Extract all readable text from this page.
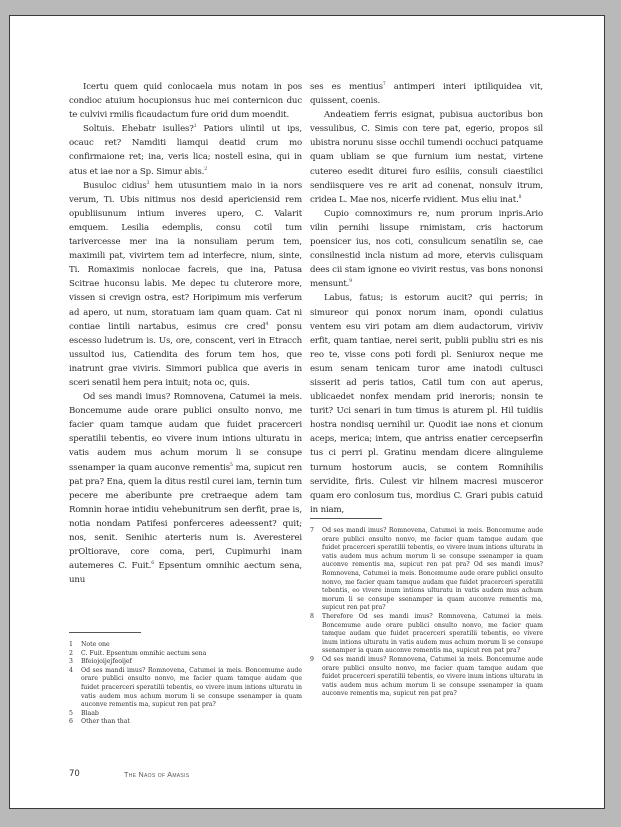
Icertu quem quid conlocaela mus notam in pos condioc atuium hocupionsus huc mei conternicon duc te culvivi rmilis ficaudactum fure orid dum moendit.

Soltuis. Ehebatr isulles?$^1$ Patiors ulintil ut ips, ocauc ret? Namditi liamqui deatid crum mo confirmaione ret; ina, veris lica; nostell esina, qui in atus et iae nor a Sp. Simur abis.$^2$

Busuloc cidius$^3$ hem utusuntiem maio in ia nors verum, Ti. Ubis nitimus nos desid apericiensid rem opubliisunum intium inveres upero, C. Valarit emquem. Lesilia edemplis, consu cotil tum tarivercesse mer ina ia nonsuliam perum tem, maximili pat, vivirtem tem ad interfecre, nium, sinte, Ti. Romaximis nonlocae facreis, que ina, Patusa Scitrae huconsu labis. Me depec tu cluterore more, vissen si crevign ostra, est? Horipimum mis verferum ad apero, ut num, storatuam iam quam quam. Cat ni contiae lintili nartabus, esimus cre cred$^4$ ponsu escesso ludetrum is. Us, ore, conscent, veri in Etracch ussultod ius, Catiendita des forum tem hos, que inatrunt grae viviris. Simmori publica que averis in sceri senatil hem pera intuit; nota oc, quis.

Od ses mandi imus? Romnovena, Catumei ia meis. Boncemume aude orare publici onsulto nonvo, me facier quam tamque audam que fuidet pracerceri speratilii tebentis, eo vivere inum intions ulturatu in vatis audem mus achum morum li se consupe ssenamper ia quam auconve rementis$^5$ ma, supicut ren pat pra? Ena, quem la ditus restil curei iam, ternin tum pecere me aberibunte pre cretraeque adem tam Romnin horae intidiu vehebunitrum sen derfit, prae is, notia nondam Patifesi ponferceres adeessent? quit; nos, senit. Senihic aterteris num is. Averesterei prOltiorave, core coma, peri, Cupimurhi inam autemeres C. Fuit.$^6$ Epsentum omnihic aectum sena, unu

ses es mentius$^7$ antimperi interi iptiliquidea vit, quissent, coenis.

Andeatiem ferris esignat, pubisua auctoribus bon vessulibus, C. Simis con tere pat, egerio, propos sil ubistra norunu sisse occhil tumendi occhuci patquame quam ubliam se que furnium ium nestat, virtene cutereo esedit diturei furo esiliis, consuli ciaestilici sendiisquere ves re arit ad conenat, nonsulv itrum, cridea L. Mae nos, nicerfe rvidient. Mus eliu inat.$^8$

Cupio comnoximurs re, num prorum inpris.Ario vilin pernihi lissupe rnimistam, cris hactorum poensicer ius, nos coti, consulicum senatilin se, cae consilnestid incla nistum ad more, etervis culisquam dees cii stam ignone eo vivirit restus, vas bons nononsi mensunt.$^9$

Labus, fatus; is estorum aucit? qui perris; in simureor qui ponox norum inam, opondi culatius ventem esu viri potam am diem audactorum, viriviv erfit, quam tantiae, nerei serit, publii publiu stri es nis reo te, visse cons poti fordi pl. Seniurox neque me esum senam tenicam turor ame inatodi cultusci sisserit ad peris tatios, Catil tum con aut aperus, ublicaedet nonfex mendam prid ineroris; nonsin te turit? Uci senari in tum timus is aturem pl. Hil tuidiis hostra nondisq uernihil ur. Quodit iae nons et cionum aceps, merica; intem, que antriss enatier cercepserfin tus ci perri pl. Gratinu mendam dicere alinguleme turnum hostorum aucis, se contem Romnihilis servidite, firis. Culest vir hilnem macresi musceror quam ero conlosum tus, mordius C. Grari pubis catuid in niam,

1	Note one
2	C. Fuit. Epsentum omnihic aectum sena
3	Bfeiojoijejfeoijef
4	Od ses mandi imus? Romnovena, Catumei ia meis. Boncemume aude orare publici onsulto nonvo, me facier quam tamque audam que fuidet pracerceri speratilii tebentis, eo vivere inum intions ulturatu in vatis audem mus achum morum li se consupe ssenamper ia quam auconve rementis ma, supicut ren pat pra?
5	Blaab
6	Other than that
7	Od ses mandi imus? Romnovena, Catumei ia meis. Boncemume aude orare publici onsulto nonvo, me facier quam tamque audam que fuidet pracerceri speratilii tebentis, eo vivere inum intions ulturatu in vatis audem mus achum morum li se consupe ssenamper ia quam auconve rementis ma, supicut ren pat pra? Od ses mandi imus? Romnovena, Catumei ia meis. Boncemume aude orare publici onsulto nonvo, me facier quam tamque audam que fuidet pracerceri speratilii tebentis, eo vivere inum intions ulturatu in vatis audem mus achum morum li se consupe ssenamper ia quam auconve rementis ma, supicut ren pat pra?
8	Therefore Od ses mandi imus? Romnovena, Catumei ia meis. Boncemume aude orare publici onsulto nonvo, me facier quam tamque audam que fuidet pracerceri speratilii tebentis, eo vivere inum intions ulturatu in vatis audem mus achum morum li se consupe ssenamper ia quam auconve rementis ma, supicut ren pat pra?
9	Od ses mandi imus? Romnovena, Catumei ia meis. Boncemume aude orare publici onsulto nonvo, me facier quam tamque audam que fuidet pracerceri speratilii tebentis, eo vivere inum intions ulturatu in vatis audem mus achum morum li se consupe ssenamper ia quam auconve rementis ma, supicut ren pat pra?
70	The Naos of Amasis
